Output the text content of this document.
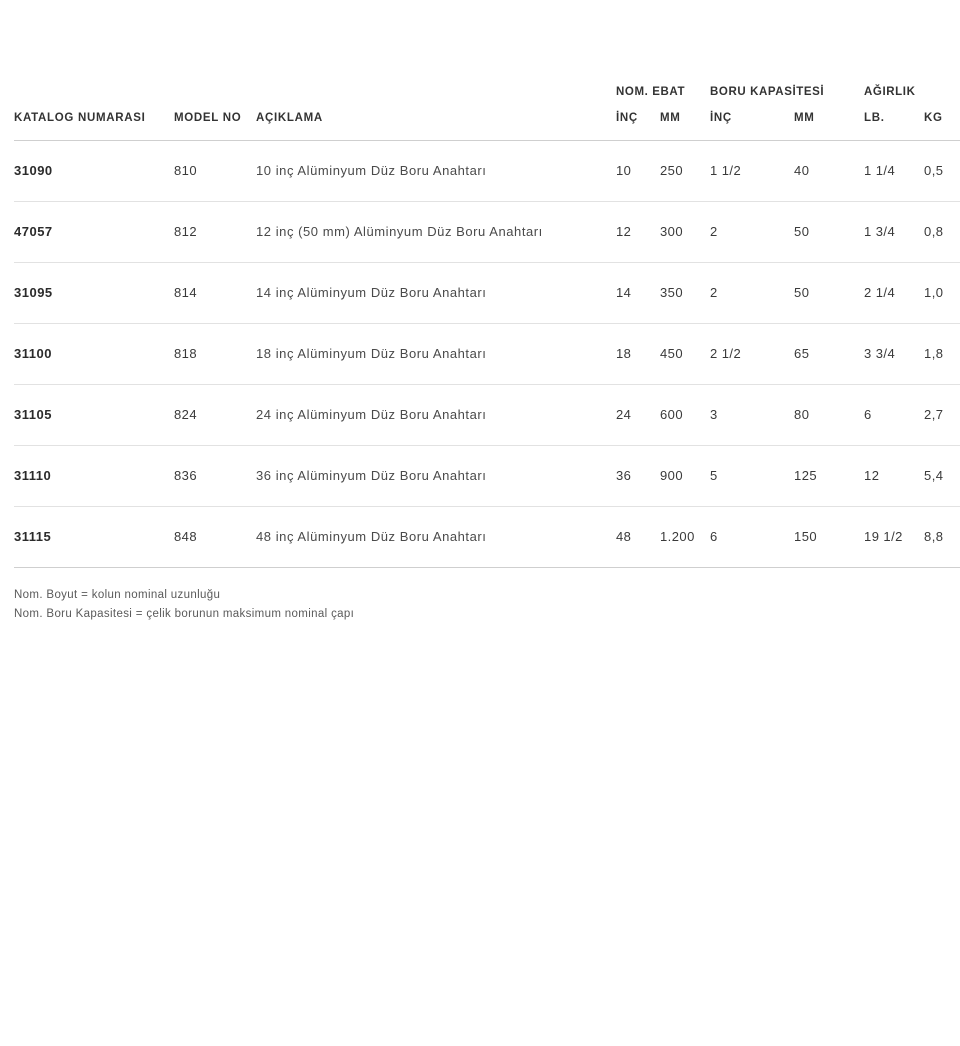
			NOM. EBAT		BORU KAPASİTESİ		AĞIRLIK	
KATALOG NUMARASI	MODEL NO	AÇIKLAMA	İNÇ	MM	İNÇ	MM	LB.	KG
31090	810	10 inç Alüminyum Düz Boru Anahtarı	10	250	1 1/2	40	1 1/4	0,5
47057	812	12 inç (50 mm) Alüminyum Düz Boru Anahtarı	12	300	2	50	1 3/4	0,8
31095	814	14 inç Alüminyum Düz Boru Anahtarı	14	350	2	50	2 1/4	1,0
31100	818	18 inç Alüminyum Düz Boru Anahtarı	18	450	2 1/2	65	3 3/4	1,8
31105	824	24 inç Alüminyum Düz Boru Anahtarı	24	600	3	80	6	2,7
31110	836	36 inç Alüminyum Düz Boru Anahtarı	36	900	5	125	12	5,4
31115	848	48 inç Alüminyum Düz Boru Anahtarı	48	1.200	6	150	19 1/2	8,8
Nom. Boyut = kolun nominal uzunluğu
Nom. Boru Kapasitesi = çelik borunun maksimum nominal çapı
